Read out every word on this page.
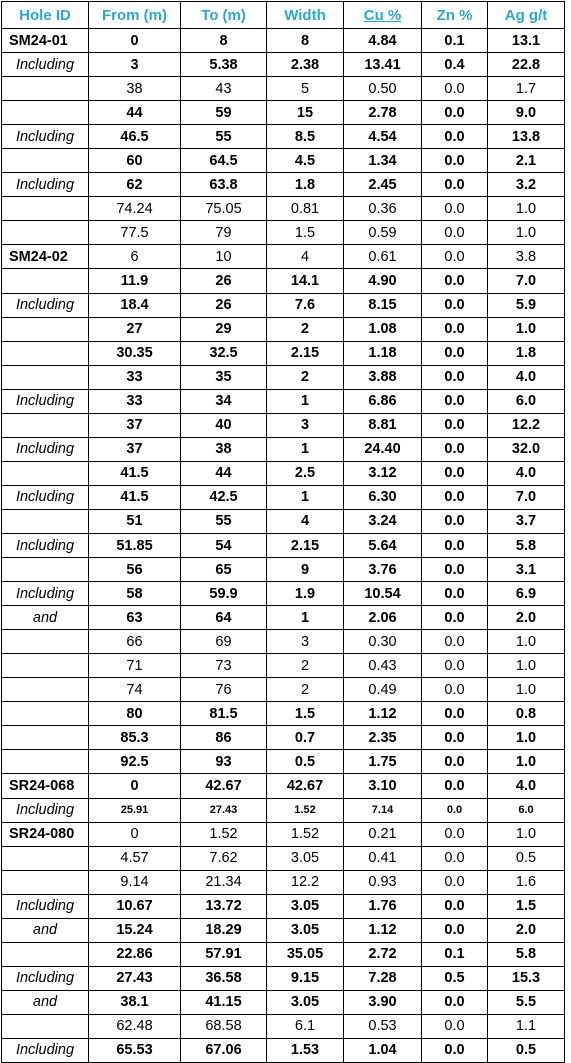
Hole ID	From (m)	To (m)	Width	Cu %	Zn %	Ag g/t
SM24-01	0	8	8	4.84	0.1	13.1
Including	3	5.38	2.38	13.41	0.4	22.8
	38	43	5	0.50	0.0	1.7
	44	59	15	2.78	0.0	9.0
Including	46.5	55	8.5	4.54	0.0	13.8
	60	64.5	4.5	1.34	0.0	2.1
Including	62	63.8	1.8	2.45	0.0	3.2
	74.24	75.05	0.81	0.36	0.0	1.0
	77.5	79	1.5	0.59	0.0	1.0
SM24-02	6	10	4	0.61	0.0	3.8
	11.9	26	14.1	4.90	0.0	7.0
Including	18.4	26	7.6	8.15	0.0	5.9
	27	29	2	1.08	0.0	1.0
	30.35	32.5	2.15	1.18	0.0	1.8
	33	35	2	3.88	0.0	4.0
Including	33	34	1	6.86	0.0	6.0
	37	40	3	8.81	0.0	12.2
Including	37	38	1	24.40	0.0	32.0
	41.5	44	2.5	3.12	0.0	4.0
Including	41.5	42.5	1	6.30	0.0	7.0
	51	55	4	3.24	0.0	3.7
Including	51.85	54	2.15	5.64	0.0	5.8
	56	65	9	3.76	0.0	3.1
Including	58	59.9	1.9	10.54	0.0	6.9
and	63	64	1	2.06	0.0	2.0
	66	69	3	0.30	0.0	1.0
	71	73	2	0.43	0.0	1.0
	74	76	2	0.49	0.0	1.0
	80	81.5	1.5	1.12	0.0	0.8
	85.3	86	0.7	2.35	0.0	1.0
	92.5	93	0.5	1.75	0.0	1.0
SR24-068	0	42.67	42.67	3.10	0.0	4.0
Including	25.91	27.43	1.52	7.14	0.0	6.0
SR24-080	0	1.52	1.52	0.21	0.0	1.0
	4.57	7.62	3.05	0.41	0.0	0.5
	9.14	21.34	12.2	0.93	0.0	1.6
Including	10.67	13.72	3.05	1.76	0.0	1.5
and	15.24	18.29	3.05	1.12	0.0	2.0
	22.86	57.91	35.05	2.72	0.1	5.8
Including	27.43	36.58	9.15	7.28	0.5	15.3
and	38.1	41.15	3.05	3.90	0.0	5.5
	62.48	68.58	6.1	0.53	0.0	1.1
Including	65.53	67.06	1.53	1.04	0.0	0.5
